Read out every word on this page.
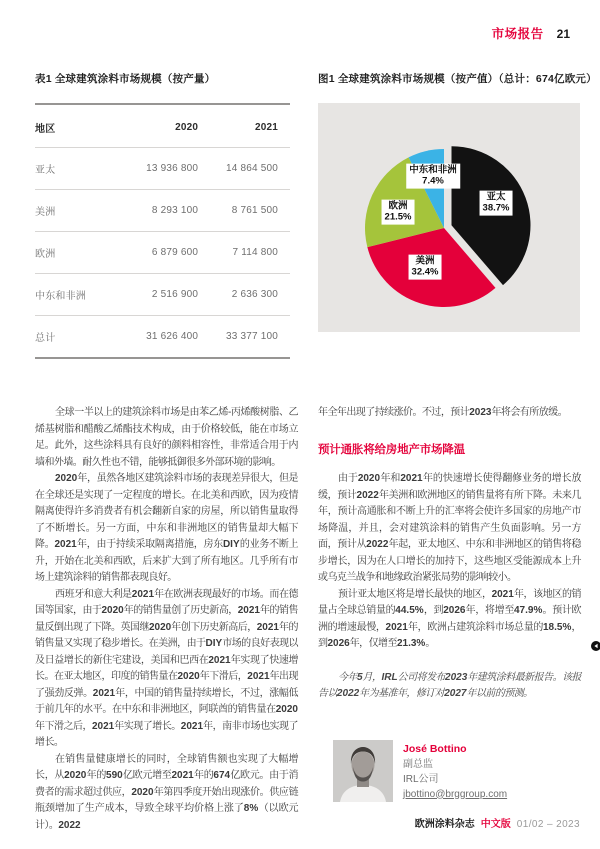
市场报告 21
表1 全球建筑涂料市场规模（按产量）	图1 全球建筑涂料市场规模（按产值）（总计：674亿欧元）
地区	2020	2021
亚太	13 936 800	14 864 500
美洲	8 293 100	8 761 500
欧洲	6 879 600	7 114 800
中东和非洲	2 516 900	2 636 300
总计	31 626 400	33 377 100
亚太
38.7%
美洲
32.4%
欧洲
21.5%
中东和非洲
7.4%

全球一半以上的建筑涂料市场是由苯乙烯-丙烯酸树脂、乙烯基树脂和醋酸乙烯酯技术构成，由于价格较低，能在市场立足。此外，这些涂料具有良好的颜料相容性，非常适合用于内墙和外墙。耐久性也不错，能够抵御很多外部环境的影响。

2020年，虽然各地区建筑涂料市场的表现差异很大，但是在全球还是实现了一定程度的增长。在北美和西欧，因为疫情隔离使得许多消费者有机会翻新自家的房屋，所以销售量取得了不断增长。另一方面，中东和非洲地区的销售量却大幅下降。2021年，由于持续采取隔离措施，房东DIY的业务不断上升，开始在北美和西欧，后来扩大到了所有地区。几乎所有市场上建筑涂料的销售都表现良好。

西班牙和意大利是2021年在欧洲表现最好的市场。而在德国等国家，由于2020年的销售量创了历史新高，2021年的销售量反倒出现了下降。英国继2020年创下历史新高后，2021年的销售量又实现了稳步增长。在美洲，由于DIY市场的良好表现以及日益增长的新住宅建设，美国和巴西在2021年实现了快速增长。在亚太地区，印度的销售量在2020年下滑后，2021年出现了强劲反弹。2021年，中国的销售量持续增长，不过，涨幅低于前几年的水平。在中东和非洲地区，阿联酋的销售量在2020年下滑之后，2021年实现了增长。2021年，南非市场也实现了增长。

在销售量健康增长的同时，全球销售额也实现了大幅增长，从2020年的590亿欧元增至2021年的674亿欧元。由于消费者的需求超过供应，2020年第四季度开始出现涨价。供应链瓶颈增加了生产成本，导致全球平均价格上涨了8%（以欧元计）。2022

年全年出现了持续涨价。不过，预计2023年将会有所放缓。

预计通胀将给房地产市场降温

由于2020年和2021年的快速增长使得翻修业务的增长放缓，预计2022年美洲和欧洲地区的销售量将有所下降。未来几年，预计高通胀和不断上升的汇率将会使许多国家的房地产市场降温，并且，会对建筑涂料的销售产生负面影响。另一方面，预计从2022年起，亚太地区、中东和非洲地区的销售将稳步增长，因为在人口增长的加持下，这些地区受能源成本上升或乌克兰战争和地缘政治紧张局势的影响较小。

预计亚太地区将是增长最快的地区，2021年，该地区的销量占全球总销量的44.5%，到2026年，将增至47.9%。预计欧洲的增速最慢，2021年，欧洲占建筑涂料市场总量的18.5%，到2026年，仅增至21.3%。

今年5月，IRL公司将发布2023年建筑涂料最新报告。该报告以2022年为基准年，修订对2027年以前的预测。

José Bottino
副总监
IRL公司
jbottino@brggroup.com
欧洲涂料杂志 中文版 01/02 – 2023
